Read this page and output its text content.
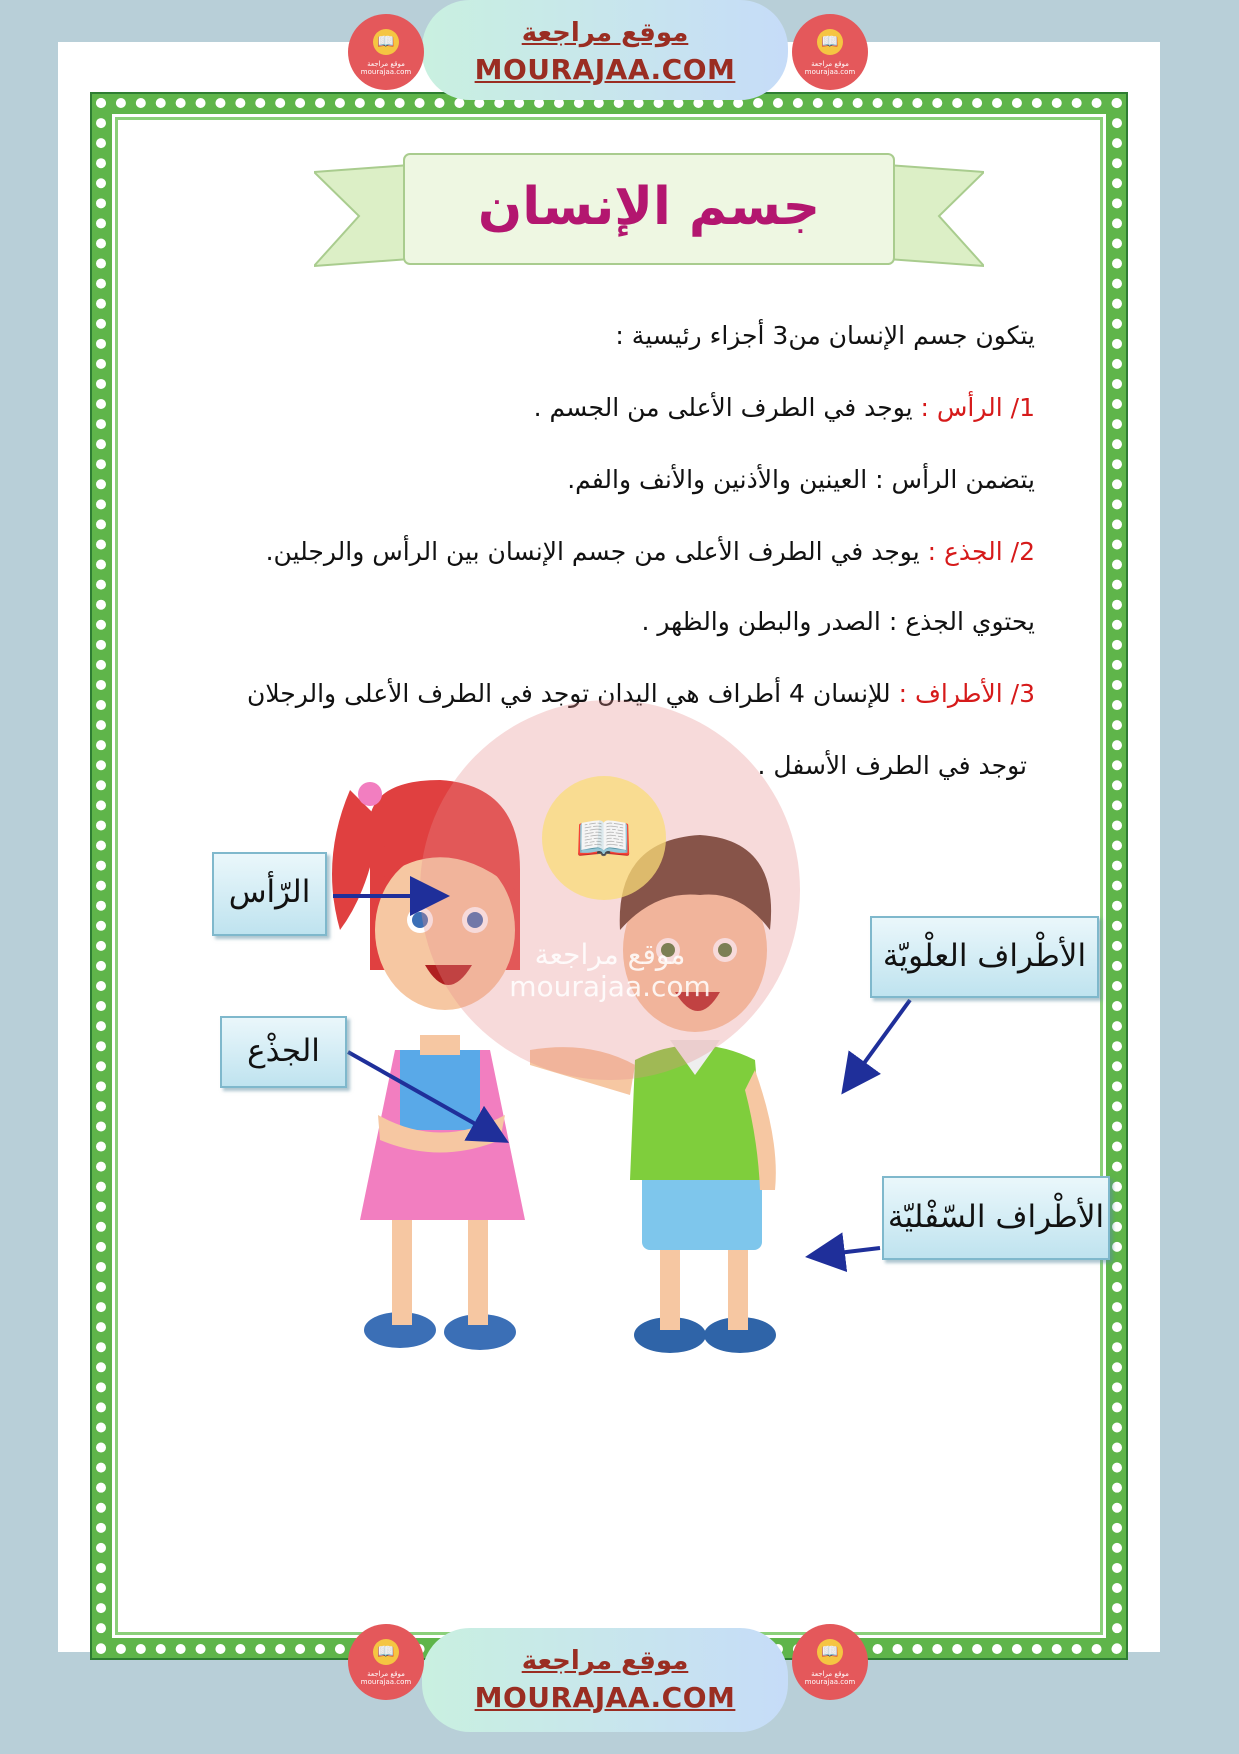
موقع مراجعة
MOURAJAA.COM
📖
موقع مراجعة
mourajaa.com
📖
موقع مراجعة
mourajaa.com
جسم الإنسان
يتكون جسم الإنسان من3 أجزاء رئيسية :
1/ الرأس : يوجد في الطرف الأعلى من الجسم .
يتضمن الرأس : العينين والأذنين والأنف والفم.
2/ الجذع : يوجد في الطرف الأعلى من جسم الإنسان بين الرأس والرجلين.
يحتوي الجذع : الصدر والبطن والظهر .
3/ الأطراف : للإنسان 4 أطراف هي اليدان توجد في الطرف الأعلى والرجلان
توجد في الطرف الأسفل .
📖
موقع مراجعة
mourajaa.com
الرّأس
الجذْع
الأطْراف العلْويّة
الأطْراف السّفْليّة
موقع مراجعة
MOURAJAA.COM
📖
موقع مراجعة
mourajaa.com
📖
موقع مراجعة
mourajaa.com
